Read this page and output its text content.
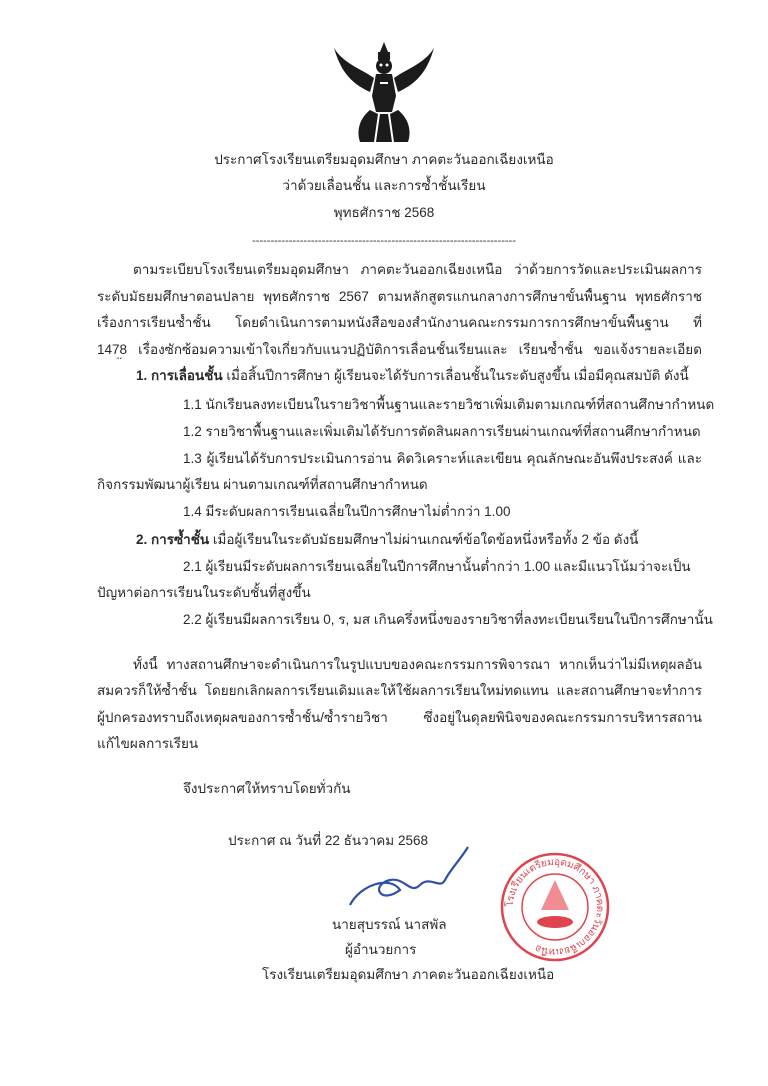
ประกาศโรงเรียนเตรียมอุดมศึกษา ภาคตะวันออกเฉียงเหนือ
ว่าด้วยเลื่อนชั้น และการซ้ำชั้นเรียน
พุทธศักราช 2568
------------------------------------------------------------------------
ตามระเบียบโรงเรียนเตรียมอุดมศึกษา ภาคตะวันออกเฉียงเหนือ ว่าด้วยการวัดและประเมินผลการ
ระดับมัธยมศึกษาตอนปลาย พุทธศักราช 2567 ตามหลักสูตรแกนกลางการศึกษาขั้นพื้นฐาน พุทธศักราช
เรื่องการเรียนซ้ำชั้น โดยดำเนินการตามหนังสือของสำนักงานคณะกรรมการการศึกษาขั้นพื้นฐาน ที่
1478 เรื่องซักซ้อมความเข้าใจเกี่ยวกับแนวปฏิบัติการเลื่อนชั้นเรียนและ เรียนซ้ำชั้น ขอแจ้งรายละเอียด
1. การเลื่อนชั้น เมื่อสิ้นปีการศึกษา ผู้เรียนจะได้รับการเลื่อนชั้นในระดับสูงขึ้น เมื่อมีคุณสมบัติ ดังนี้
1.1 นักเรียนลงทะเบียนในรายวิชาพื้นฐานและรายวิชาเพิ่มเติมตามเกณฑ์ที่สถานศึกษากำหนด
1.2 รายวิชาพื้นฐานและเพิ่มเติมได้รับการตัดสินผลการเรียนผ่านเกณฑ์ที่สถานศึกษากำหนด
1.3 ผู้เรียนได้รับการประเมินการอ่าน คิดวิเคราะห์และเขียน คุณลักษณะอันพึงประสงค์ และ
กิจกรรมพัฒนาผู้เรียน ผ่านตามเกณฑ์ที่สถานศึกษากำหนด
1.4 มีระดับผลการเรียนเฉลี่ยในปีการศึกษาไม่ต่ำกว่า 1.00
2. การซ้ำชั้น เมื่อผู้เรียนในระดับมัธยมศึกษาไม่ผ่านเกณฑ์ข้อใดข้อหนึ่งหรือทั้ง 2 ข้อ ดังนี้
2.1 ผู้เรียนมีระดับผลการเรียนเฉลี่ยในปีการศึกษานั้นต่ำกว่า 1.00 และมีแนวโน้มว่าจะเป็น
ปัญหาต่อการเรียนในระดับชั้นที่สูงขึ้น
2.2 ผู้เรียนมีผลการเรียน 0, ร, มส เกินครึ่งหนึ่งของรายวิชาที่ลงทะเบียนเรียนในปีการศึกษานั้น
ทั้งนี้ ทางสถานศึกษาจะดำเนินการในรูปแบบของคณะกรรมการพิจารณา หากเห็นว่าไม่มีเหตุผลอัน
สมควรก็ให้ซ้ำชั้น โดยยกเลิกผลการเรียนเดิมและให้ใช้ผลการเรียนใหม่ทดแทน และสถานศึกษาจะทำการ
ผู้ปกครองทราบถึงเหตุผลของการซ้ำชั้น/ซ้ำรายวิชา ซึ่งอยู่ในดุลยพินิจของคณะกรรมการบริหารสถาน
แก้ไขผลการเรียน
จึงประกาศให้ทราบโดยทั่วกัน
ประกาศ ณ วันที่ 22 ธันวาคม 2568
โรงเรียนเตรียมอุดมศึกษา ภาคตะวันออกเฉียงเหนือ
นายสุบรรณ์ นาสพัล
ผู้อำนวยการ
โรงเรียนเตรียมอุดมศึกษา ภาคตะวันออกเฉียงเหนือ
